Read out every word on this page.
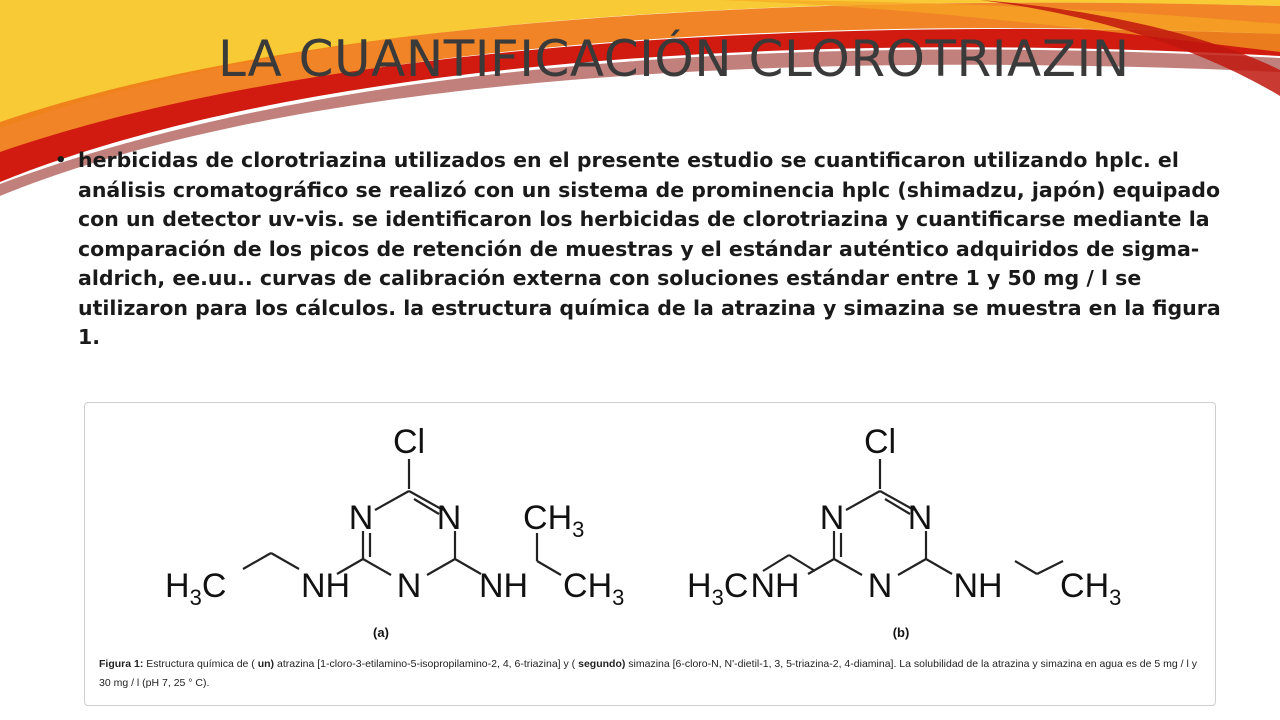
LA CUANTIFICACIÓN CLOROTRIAZIN
• herbicidas de clorotriazina utilizados en el presente estudio se cuantificaron utilizando hplc. el análisis cromatográfico se realizó con un sistema de prominencia hplc (shimadzu, japón) equipado con un detector uv-vis. se identificaron los herbicidas de clorotriazina y cuantificarse mediante la comparación de los picos de retención de muestras y el estándar auténtico adquiridos de sigma-aldrich, ee.uu.. curvas de calibración externa con soluciones estándar entre 1 y 50 mg / l se utilizaron para los cálculos. la estructura química de la atrazina y simazina se muestra en la figura 1.
Cl
N N
N
$H_3C$ NH	NH
$CH_3$
$CH_3$
(a)
Cl
N N
N
$H_3C$ NH	NH $CH_3$
(b)
Figura 1: Estructura química de ( un) atrazina [1-cloro-3-etilamino-5-isopropilamino-2, 4, 6-triazina] y ( segundo) simazina [6-cloro-N, N'-dietil-1, 3, 5-triazina-2, 4-diamina]. La solubilidad de la atrazina y simazina en agua es de 5 mg / l y 30 mg / l (pH 7, 25 ° C).
